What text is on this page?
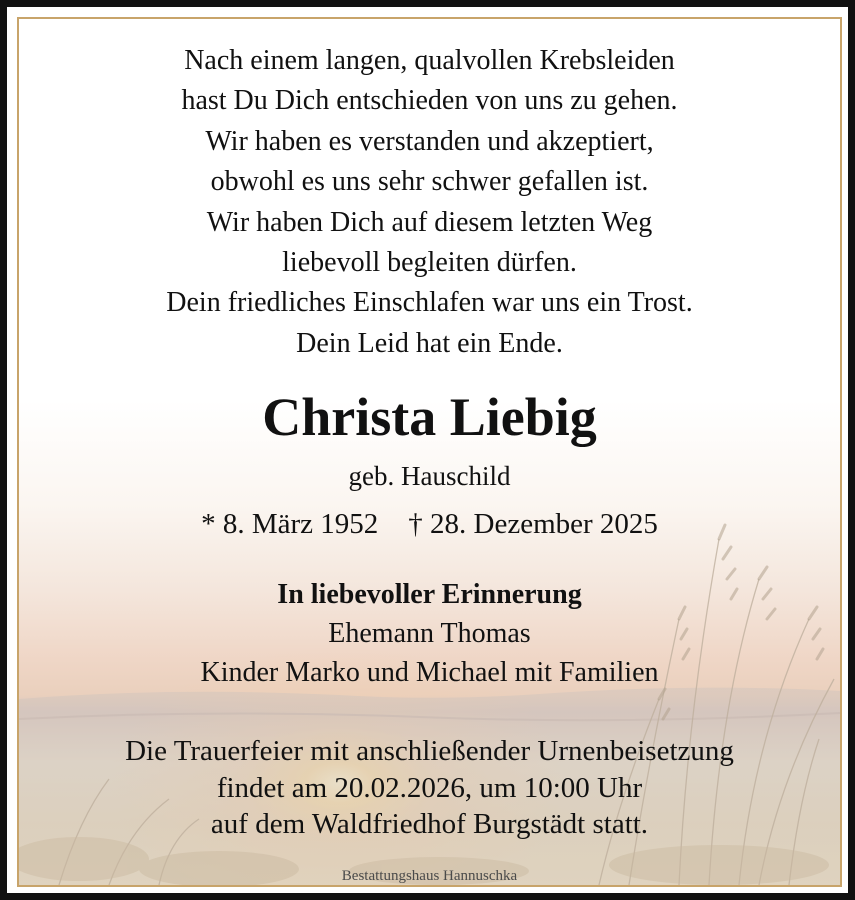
Nach einem langen, qualvollen Krebsleiden
hast Du Dich entschieden von uns zu gehen.
Wir haben es verstanden und akzeptiert,
obwohl es uns sehr schwer gefallen ist.
Wir haben Dich auf diesem letzten Weg
liebevoll begleiten dürfen.
Dein friedliches Einschlafen war uns ein Trost.
Dein Leid hat ein Ende.
Christa Liebig
geb. Hauschild
* 8. März 1952 † 28. Dezember 2025
In liebevoller Erinnerung
Ehemann Thomas
Kinder Marko und Michael mit Familien
Die Trauerfeier mit anschließender Urnenbeisetzung
findet am 20.02.2026, um 10:00 Uhr
auf dem Waldfriedhof Burgstädt statt.
Bestattungshaus Hannuschka
